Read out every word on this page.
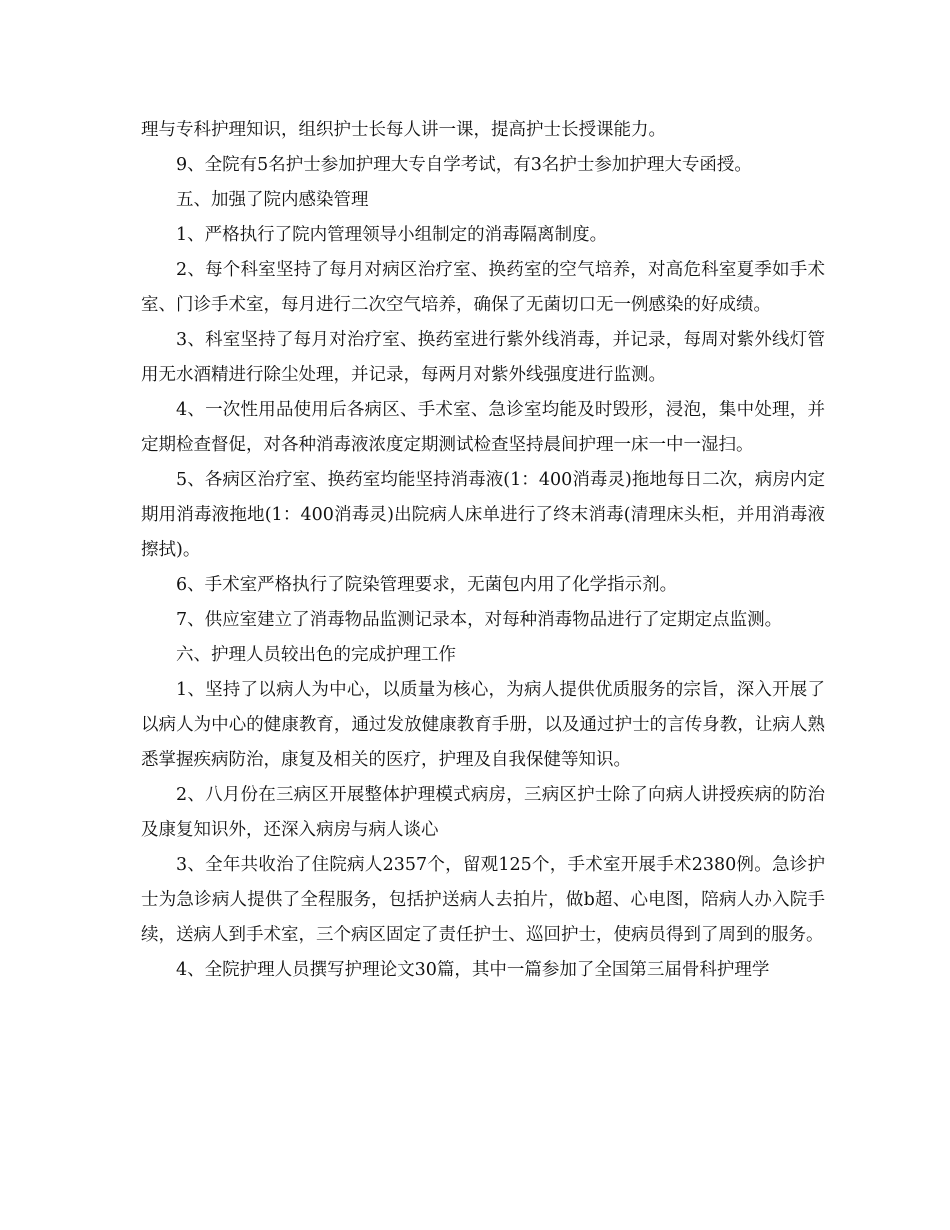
理与专科护理知识，组织护士长每人讲一课，提高护士长授课能力。

9、全院有5名护士参加护理大专自学考试，有3名护士参加护理大专函授。

五、加强了院内感染管理

1、严格执行了院内管理领导小组制定的消毒隔离制度。

2、每个科室坚持了每月对病区治疗室、换药室的空气培养，对高危科室夏季如手术室、门诊手术室，每月进行二次空气培养，确保了无菌切口无一例感染的好成绩。

3、科室坚持了每月对治疗室、换药室进行紫外线消毒，并记录，每周对紫外线灯管用无水酒精进行除尘处理，并记录，每两月对紫外线强度进行监测。

4、一次性用品使用后各病区、手术室、急诊室均能及时毁形，浸泡，集中处理，并定期检查督促，对各种消毒液浓度定期测试检查坚持晨间护理一床一中一湿扫。

5、各病区治疗室、换药室均能坚持消毒液(1：400消毒灵)拖地每日二次，病房内定期用消毒液拖地(1：400消毒灵)出院病人床单进行了终末消毒(清理床头柜，并用消毒液擦拭)。

6、手术室严格执行了院染管理要求，无菌包内用了化学指示剂。

7、供应室建立了消毒物品监测记录本，对每种消毒物品进行了定期定点监测。

六、护理人员较出色的完成护理工作

1、坚持了以病人为中心，以质量为核心，为病人提供优质服务的宗旨，深入开展了以病人为中心的健康教育，通过发放健康教育手册，以及通过护士的言传身教，让病人熟悉掌握疾病防治，康复及相关的医疗，护理及自我保健等知识。

2、八月份在三病区开展整体护理模式病房，三病区护士除了向病人讲授疾病的防治及康复知识外，还深入病房与病人谈心

3、全年共收治了住院病人2357个，留观125个，手术室开展手术2380例。急诊护士为急诊病人提供了全程服务，包括护送病人去拍片，做b超、心电图，陪病人办入院手续，送病人到手术室，三个病区固定了责任护士、巡回护士，使病员得到了周到的服务。

4、全院护理人员撰写护理论文30篇，其中一篇参加了全国第三届骨科护理学
